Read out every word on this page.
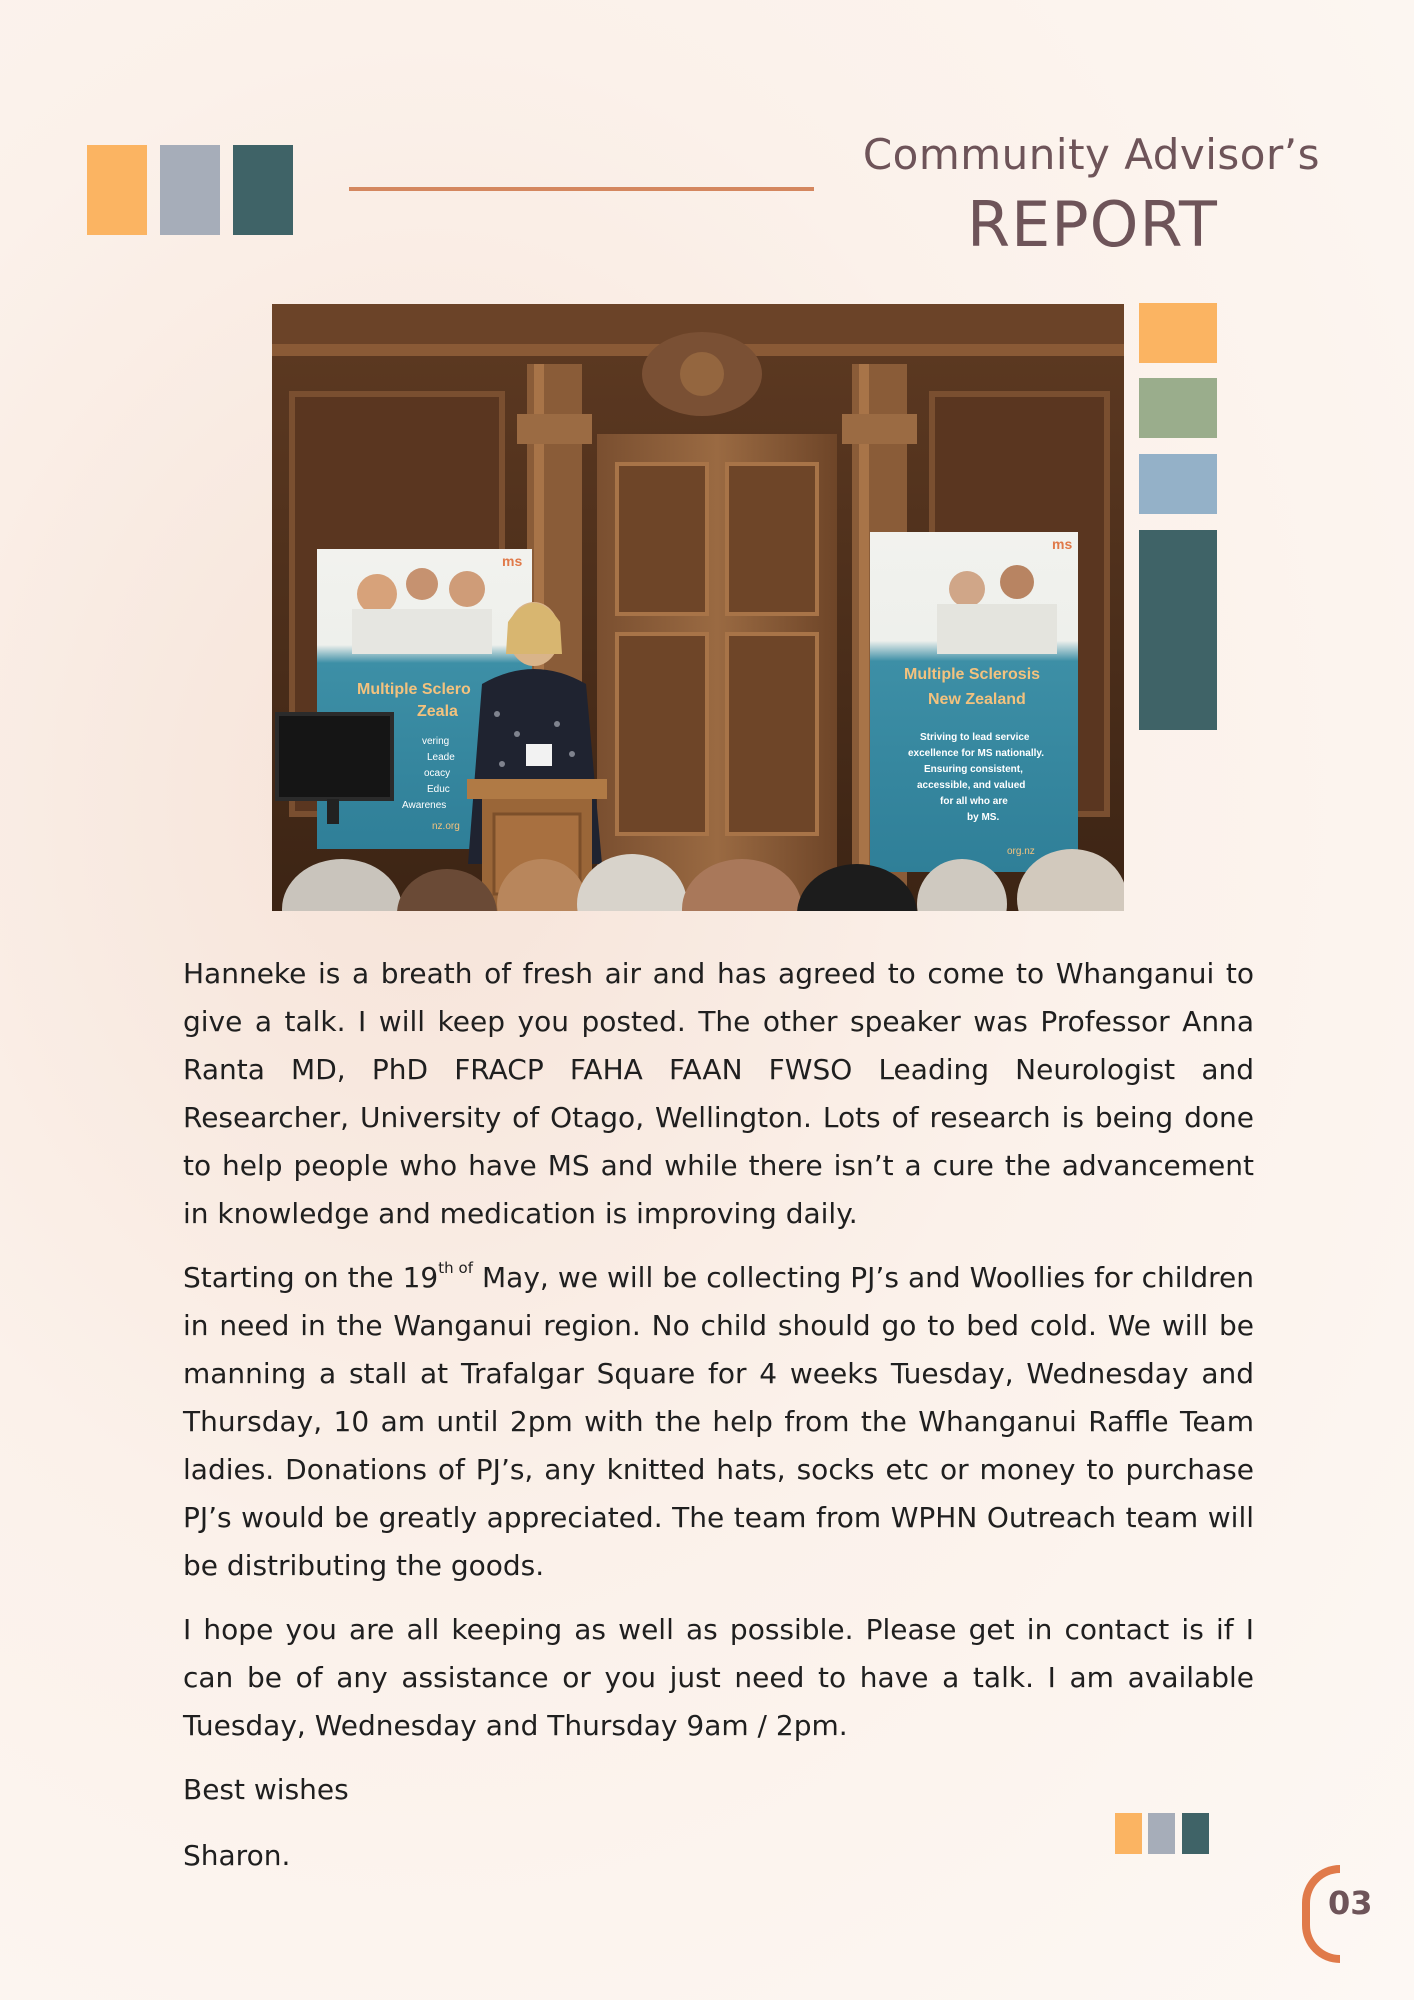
Community Advisor’s
REPORT
ms
Multiple Sclero
Zeala
vering
Leade
ocacy
Educ
Awarenes
nz.org
ms
Multiple Sclerosis
New Zealand
Striving to lead service
excellence for MS nationally.
Ensuring consistent,
accessible, and valued
for all who are
by MS.
org.nz

Hanneke is a breath of fresh air and has agreed to come to Whanganui to give a talk. I will keep you posted. The other speaker was Professor Anna Ranta MD, PhD FRACP FAHA FAAN FWSO Leading Neurologist and Researcher, University of Otago, Wellington. Lots of research is being done to help people who have MS and while there isn’t a cure the advancement in knowledge and medication is improving daily.

Starting on the $19^{th of}$ May, we will be collecting PJ’s and Woollies for children in need in the Wanganui region. No child should go to bed cold. We will be manning a stall at Trafalgar Square for 4 weeks Tuesday, Wednesday and Thursday, 10 am until 2pm with the help from the Whanganui Raffle Team ladies. Donations of PJ’s, any knitted hats, socks etc or money to purchase PJ’s would be greatly appreciated. The team from WPHN Outreach team will be distributing the goods.

I hope you are all keeping as well as possible. Please get in contact is if I can be of any assistance or you just need to have a talk. I am available Tuesday, Wednesday and Thursday 9am / 2pm.

Best wishes

Sharon.

03
